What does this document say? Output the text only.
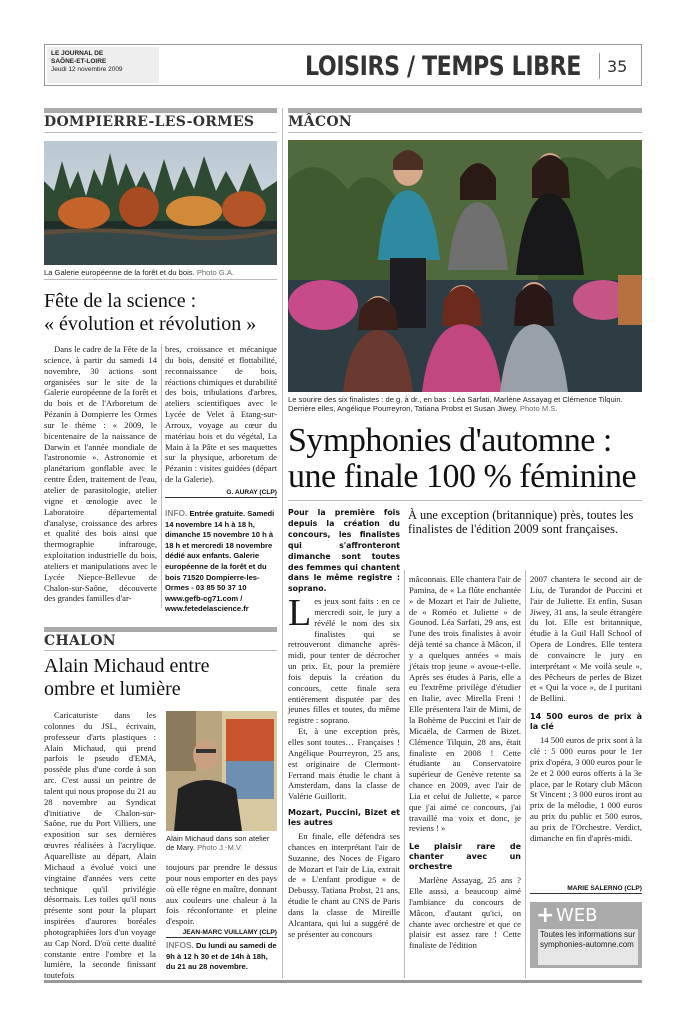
LE JOURNAL DE
SAÔNE-ET-LOIRE
Jeudi 12 novembre 2009	LOISIRS / TEMPS LIBRE 35
DOMPIERRE-LES-ORMES
La Galerie européenne de la forêt et du bois. Photo G.A.
Fête de la science :
« évolution et révolution »

Dans le cadre de la Fête de la science, à partir du samedi 14 novembre, 30 actions sont organisées sur le site de la Galerie européenne de la forêt et du bois et de l'Arboretum de Pézanin à Dompierre les Ormes sur le thème : « 2009, le bicentenaire de la naissance de Darwin et l'année mondiale de l'astronomie ». Astronomie et planétarium gonflable avec le centre Éden, traitement de l'eau, atelier de parasitologie, atelier vigne et œnologie avec le Laboratoire départemental d'analyse, croissance des arbres et qualité des bois ainsi que thermographie infrarouge, exploitation industrielle du bois, ateliers et manipulations avec le Lycée Niepce-Bellevue de Chalon-sur-Saône, découverte des grandes familles d'ar-

bres, croissance et mécanique du bois, densité et flottabilité, reconnaissance de bois, réactions chimiques et durabilité des bois, tribulations d'arbres, ateliers scientifiques avec le Lycée de Velet à Etang-sur-Arroux, voyage au cœur du matériau bois et du végétal, La Main à la Pâte et ses maquettes sur la physique, arboretum de Pézanin : visites guidées (départ de la Galerie).

G. AURAY (CLP)
INFO. Entrée gratuite. Samedi 14 novembre 14 h à 18 h, dimanche 15 novembre 10 h à 18 h et mercredi 18 novembre dédié aux enfants. Galerie européenne de la forêt et du bois 71520 Dompierre-les-Ormes - 03 85 50 37 10 www.gefb-cg71.com / www.fetedelascience.fr
CHALON
Alain Michaud entre
ombre et lumière

Caricaturiste dans les colonnes du JSL, écrivain, professeur d'arts plastiques : Alain Michaud, qui prend parfois le pseudo d'EMA, possède plus d'une corde à son arc. C'est aussi un peintre de talent qui nous propose du 21 au 28 novembre au Syndicat d'initiative de Chalon-sur-Saône, rue du Port Villiers, une exposition sur ses dernières œuvres réalisées à l'acrylique. Aquarelliste au départ, Alain Michaud a évolué voici une vingtaine d'années vers cette technique qu'il privilégie désormais. Les toiles qu'il nous présente sont pour la plupart inspirées d'aurores boréales photographiées lors d'un voyage au Cap Nord. D'où cette dualité constante entre l'ombre et la lumière, la seconde finissant toutefois

Alain Michaud dans son atelier de Mary. Photo J.-M.V.

toujours par prendre le dessus pour nous emporter en des pays où elle règne en maître, donnant aux couleurs une chaleur à la fois réconfortante et pleine d'espoir.

JEAN-MARC VUILLAMY (CLP)
INFOS. Du lundi au samedi de 9h à 12 h 30 et de 14h à 18h, du 21 au 28 novembre.
MÂCON
Le sourire des six finalistes : de g. à dr., en bas : Léa Sarfati, Marlène Assayag et Clémence Tilquin. Derrière elles, Angélique Pourreyron, Tatiana Probst et Susan Jiwey. Photo M.S.
Symphonies d'automne :
une finale 100 % féminine
Pour la première fois depuis la création du concours, les finalistes qui s'affronteront dimanche sont toutes des femmes qui chantent dans le même registre : soprano.
À une exception (britannique) près, toutes les finalistes de l'édition 2009 sont françaises.
Les jeux sont faits : en ce mercredi soir, le jury a révélé le nom des six finalistes qui se retrouveront dimanche après-midi, pour tenter de décrocher un prix. Et, pour la première fois depuis la création du concours, cette finale sera entièrement disputée par des jeunes filles et toutes, du même registre : soprano.

Et, à une exception près, elles sont toutes… Françaises ! Angélique Pourreyron, 25 ans, est originaire de Clermont-Ferrand mais étudie le chant à Amsterdam, dans la classe de Valérie Guillorit.

Mozart, Puccini, Bizet et les autres

En finale, elle défendra ses chances en interprétant l'air de Suzanne, des Noces de Figaro de Mozart et l'air de Lia, extrait de « L'enfant prodigue » de Debussy. Tatiana Probst, 21 ans, étudie le chant au CNS de Paris dans la classe de Mireille Alcantara, qui lui a suggéré de se présenter au concours

mâconnais. Elle chantera l'air de Pamina, de « La flûte enchantée » de Mozart et l'air de Juliette, de « Roméo et Juliette » de Gounod. Léa Sarfati, 29 ans, est l'une des trois finalistes à avoir déjà tenté sa chance à Mâcon, il y a quelques années « mais j'étais trop jeune » avoue-t-elle. Après ses études à Paris, elle a eu l'extrême privilège d'étudier en Italie, avec Mirella Freni ! Elle présentera l'air de Mimi, de la Bohème de Puccini et l'air de Micaëla, de Carmen de Bizet. Clémence Tilquin, 28 ans, était finaliste en 2008 ! Cette étudiante au Conservatoire supérieur de Genève retente sa chance en 2009, avec l'air de Lia et celui de Juliette, « parce que j'ai aimé ce concours, j'ai travaillé ma voix et donc, je reviens ! »

Le plaisir rare de chanter avec un orchestre

Marlène Assayag, 25 ans ? Elle aussi, a beaucoup aimé l'ambiance du concours de Mâcon, d'autant qu'ici, on chante avec orchestre et que ce plaisir est assez rare ! Cette finaliste de l'édition

2007 chantera le second air de Liu, de Turandot de Puccini et l'air de Juliette. Et enfin, Susan Jiwey, 31 ans, la seule étrangère du lot. Elle est britannique, étudie à la Guil Hall School of Opera de Londres. Elle tentera de convaincre le jury en interprétant « Me voilà seule », des Pêcheurs de perles de Bizet et « Qui la voce », de I puritani de Bellini.

14 500 euros de prix à la clé

14 500 euros de prix sont à la clé : 5 000 euros pour le 1er prix d'opéra, 3 000 euros pour le 2e et 2 000 euros offerts à la 3e place, par le Rotary club Mâcon St Vincent ; 3 000 euros iront au prix de la mélodie, 1 000 euros au prix du public et 500 euros, au prix de l'Orchestre. Verdict, dimanche en fin d'après-midi.

MARIE SALERNO (CLP)
+ WEB
Toutes les informations sur symphonies-automne.com
